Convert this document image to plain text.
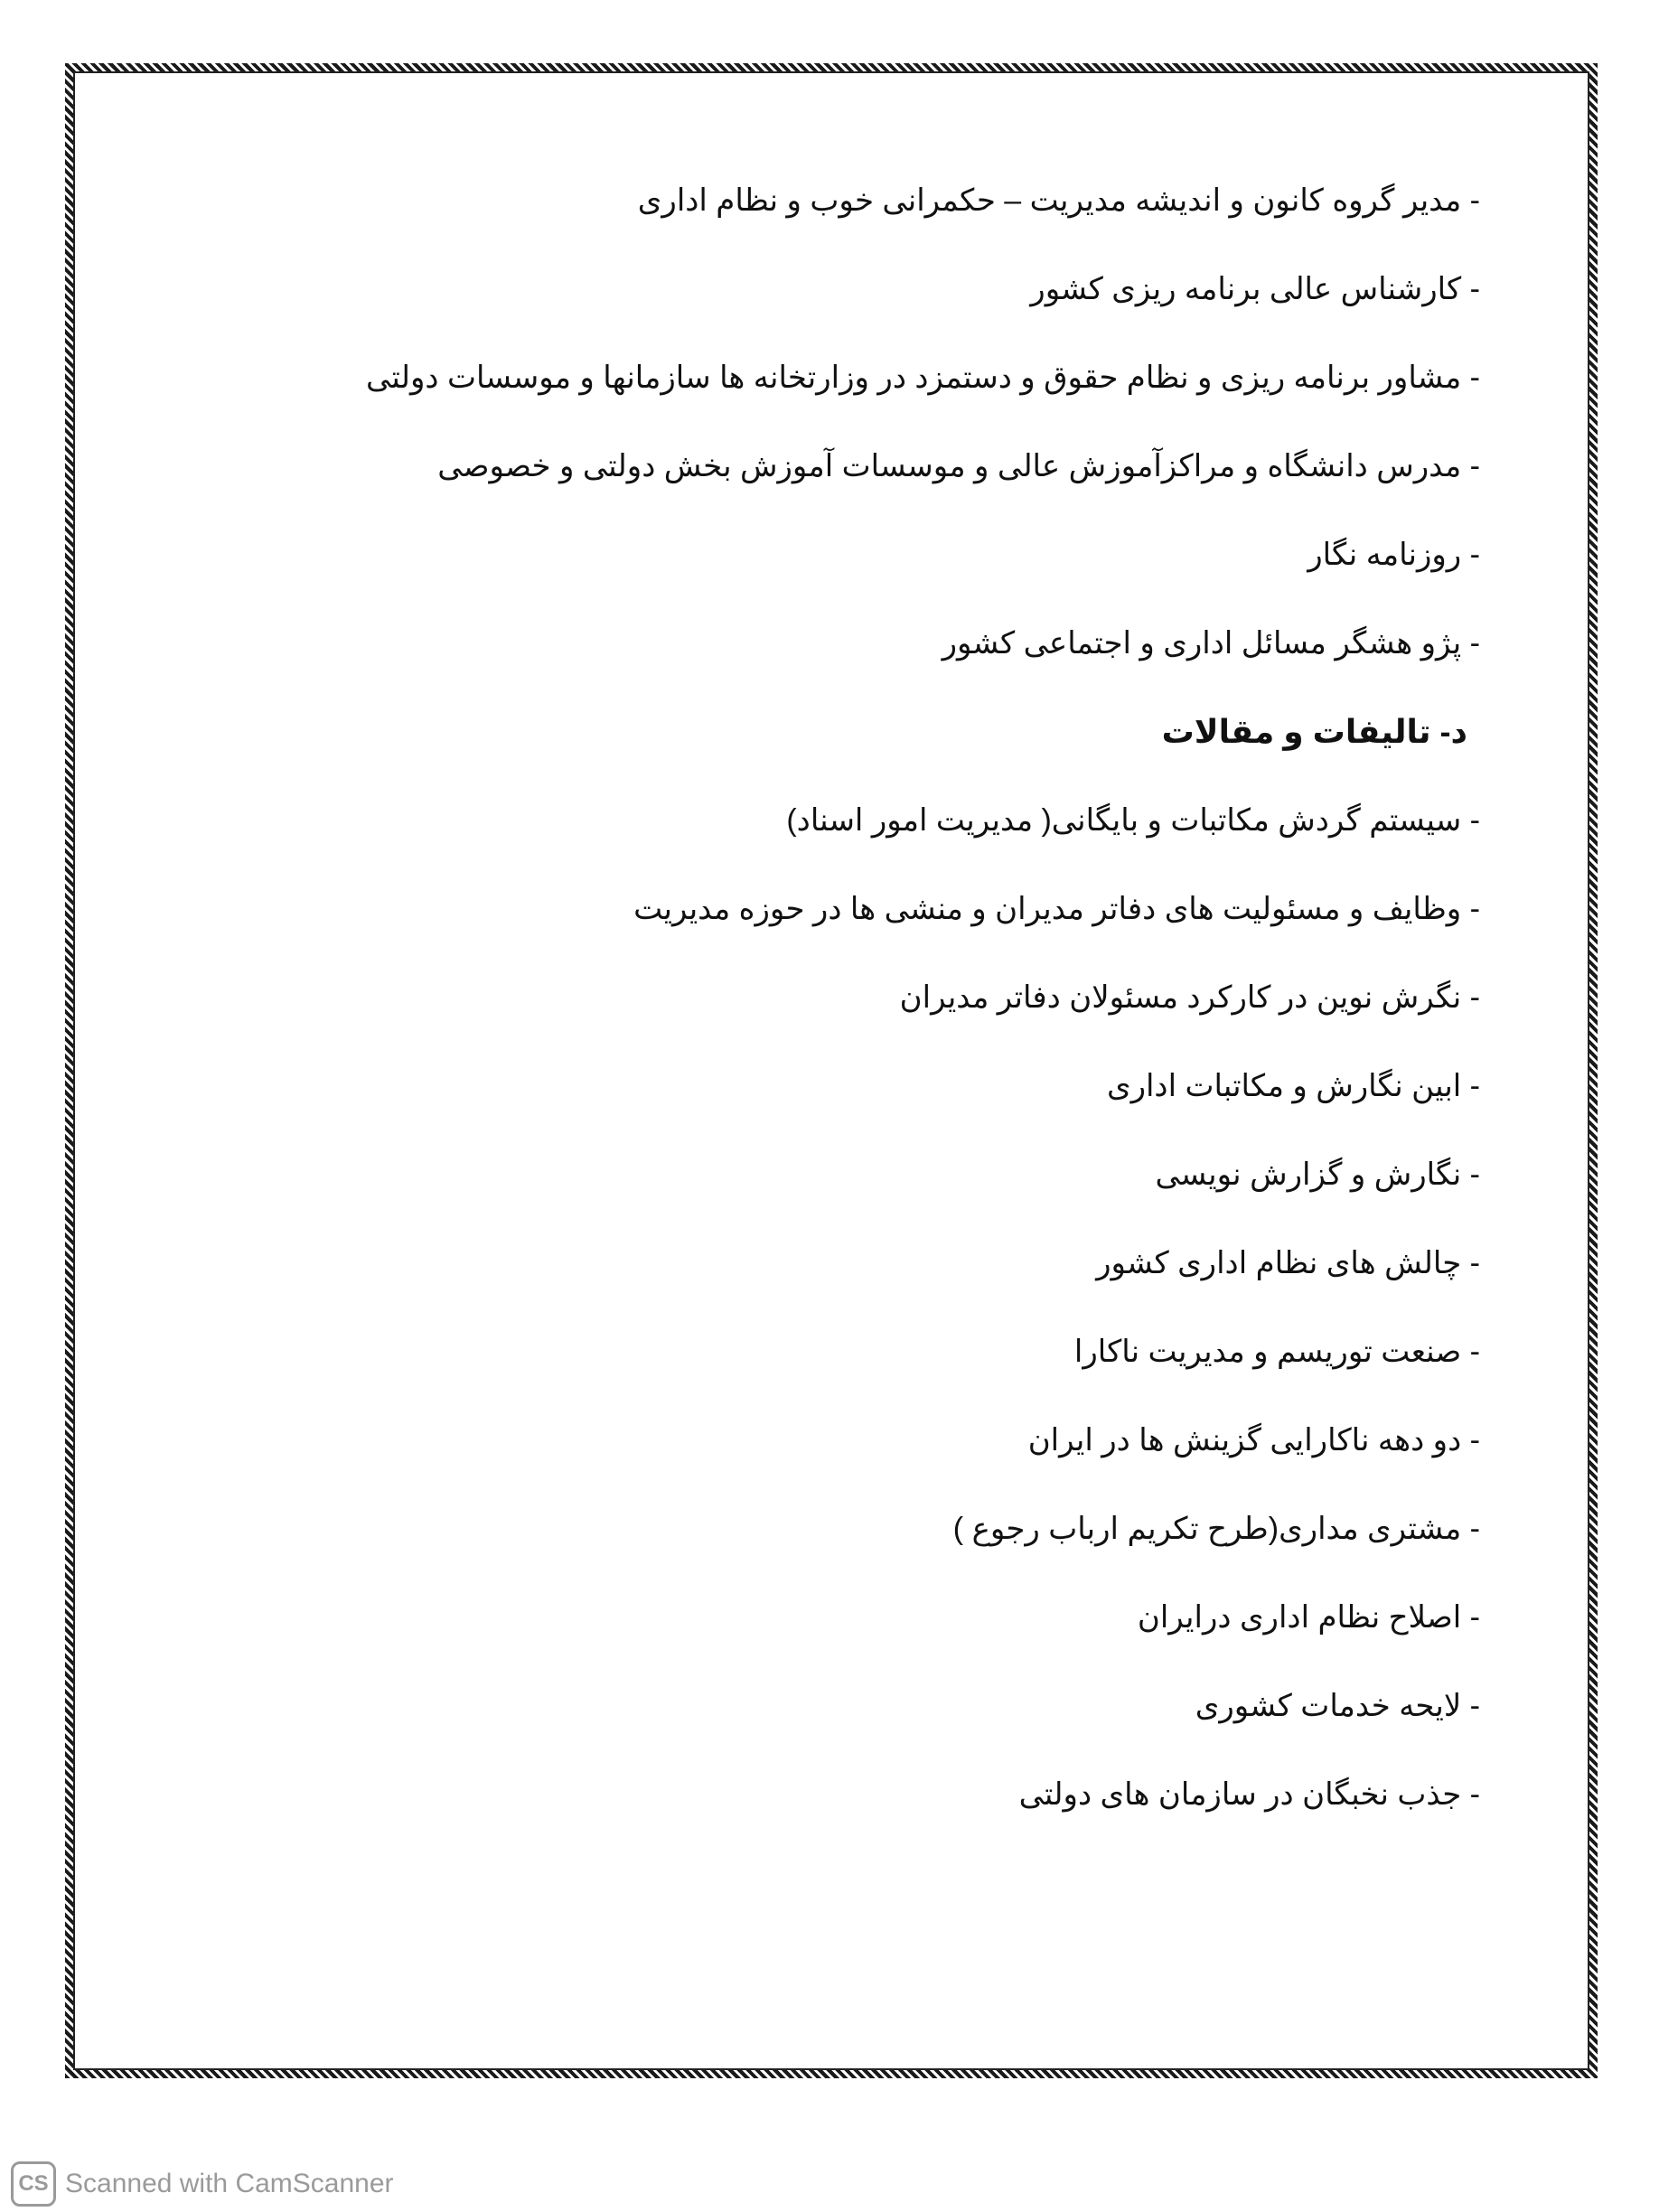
- مدیر گروه کانون و اندیشه مدیریت – حکمرانی خوب و نظام اداری
- کارشناس عالی برنامه ریزی کشور
- مشاور برنامه ریزی و نظام حقوق و دستمزد در وزارتخانه ها سازمانها و موسسات دولتی
- مدرس دانشگاه و مراکزآموزش عالی و موسسات آموزش بخش دولتی و خصوصی
- روزنامه نگار
- پژو هشگر مسائل اداری و اجتماعی کشور
د- تالیفات و مقالات
- سیستم گردش مکاتبات و بایگانی( مدیریت امور اسناد)
- وظایف و مسئولیت های دفاتر مدیران و منشی ها در حوزه مدیریت
- نگرش نوین در کارکرد مسئولان دفاتر مدیران
- ابین نگارش و مکاتبات اداری
- نگارش و گزارش نویسی
- چالش های نظام اداری کشور
- صنعت توریسم و مدیریت ناکارا
- دو دهه ناکارایی گزینش ها در ایران
- مشتری مداری(طرح تکریم ارباب رجوع )
- اصلاح نظام اداری درایران
- لایحه خدمات کشوری
- جذب نخبگان در سازمان های دولتی
CS Scanned with CamScanner
